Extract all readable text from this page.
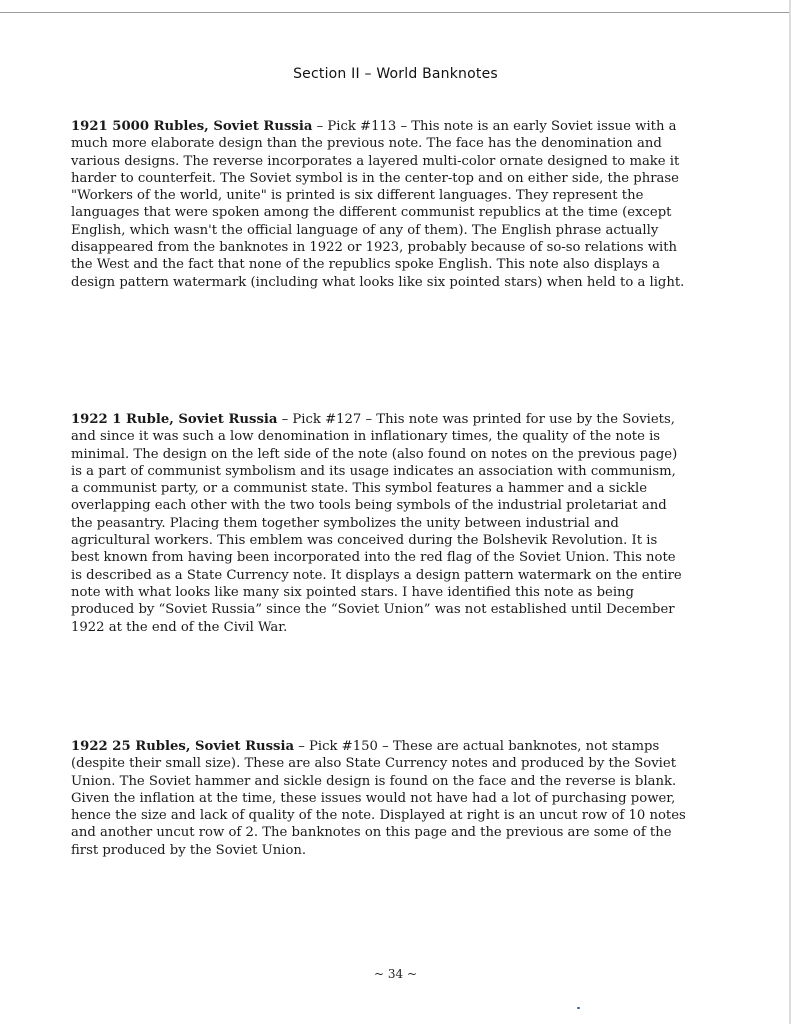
Section II – World Banknotes

1921 5000 Rubles, Soviet Russia – Pick #113 – This note is an early Soviet issue with a much more elaborate design than the previous note. The face has the denomination and various designs. The reverse incorporates a layered multi-color ornate designed to make it harder to counterfeit. The Soviet symbol is in the center-top and on either side, the phrase "Workers of the world, unite" is printed is six different languages. They represent the languages that were spoken among the different communist republics at the time (except English, which wasn't the official language of any of them). The English phrase actually disappeared from the banknotes in 1922 or 1923, probably because of so-so relations with the West and the fact that none of the republics spoke English. This note also displays a design pattern watermark (including what looks like six pointed stars) when held to a light.

1922 1 Ruble, Soviet Russia – Pick #127 – This note was printed for use by the Soviets, and since it was such a low denomination in inflationary times, the quality of the note is minimal. The design on the left side of the note (also found on notes on the previous page) is a part of communist symbolism and its usage indicates an association with communism, a communist party, or a communist state. This symbol features a hammer and a sickle overlapping each other with the two tools being symbols of the industrial proletariat and the peasantry. Placing them together symbolizes the unity between industrial and agricultural workers. This emblem was conceived during the Bolshevik Revolution. It is best known from having been incorporated into the red flag of the Soviet Union. This note is described as a State Currency note. It displays a design pattern watermark on the entire note with what looks like many six pointed stars. I have identified this note as being produced by “Soviet Russia” since the “Soviet Union” was not established until December 1922 at the end of the Civil War.

1922 25 Rubles, Soviet Russia – Pick #150 – These are actual banknotes, not stamps (despite their small size). These are also State Currency notes and produced by the Soviet Union. The Soviet hammer and sickle design is found on the face and the reverse is blank. Given the inflation at the time, these issues would not have had a lot of purchasing power, hence the size and lack of quality of the note. Displayed at right is an uncut row of 10 notes and another uncut row of 2. The banknotes on this page and the previous are some of the first produced by the Soviet Union.

~ 34 ~
